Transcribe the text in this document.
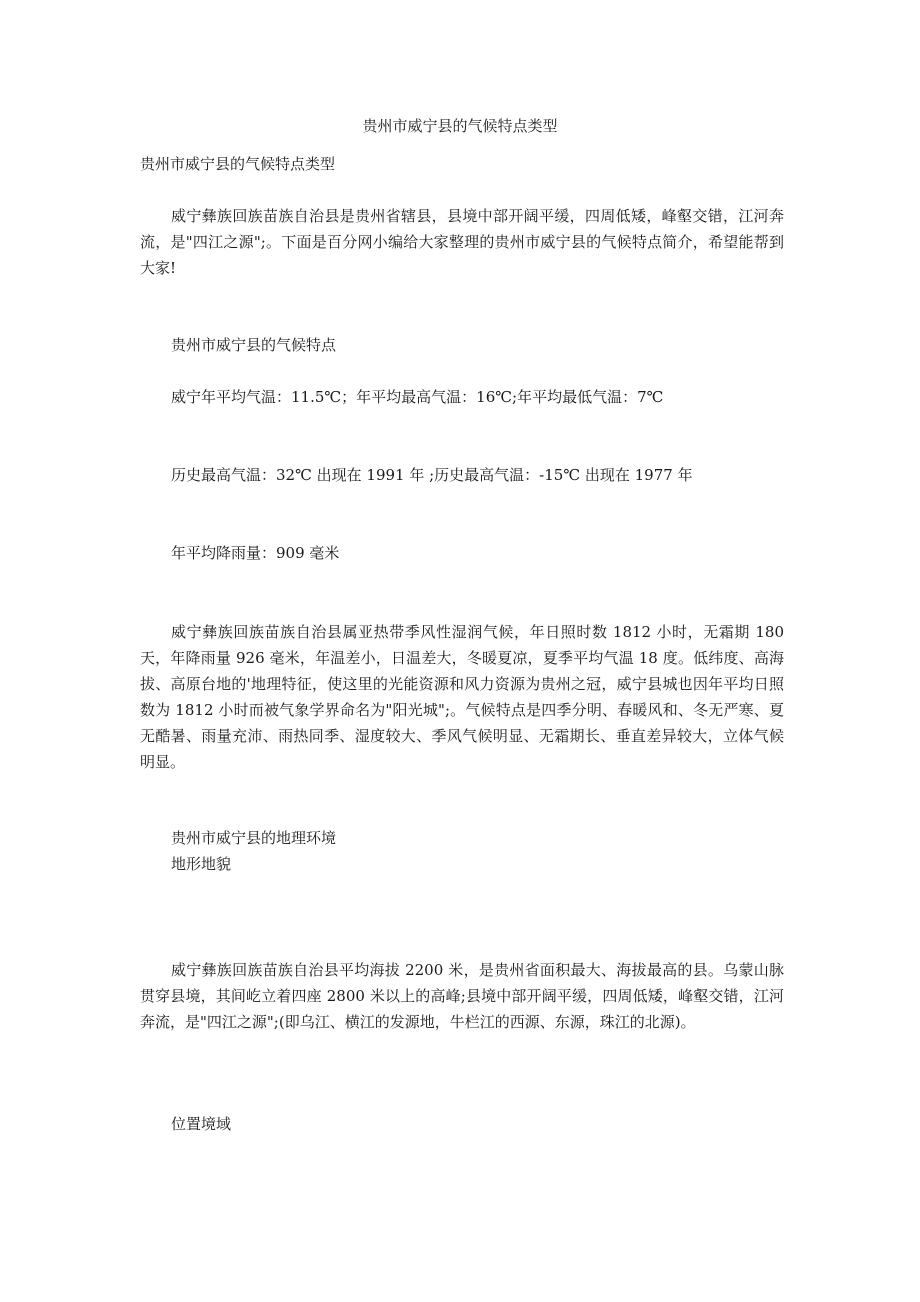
贵州市威宁县的气候特点类型

贵州市威宁县的气候特点类型

威宁彝族回族苗族自治县是贵州省辖县，县境中部开阔平缓，四周低矮，峰壑交错，江河奔流，是"四江之源";。下面是百分网小编给大家整理的贵州市威宁县的气候特点简介，希望能帮到大家!

贵州市威宁县的气候特点
威宁年平均气温：11.5℃；年平均最高气温：16℃;年平均最低气温：7℃
历史最高气温：32℃ 出现在 1991 年 ;历史最高气温：-15℃ 出现在 1977 年
年平均降雨量：909 毫米

威宁彝族回族苗族自治县属亚热带季风性湿润气候，年日照时数 1812 小时，无霜期 180 天，年降雨量 926 毫米，年温差小，日温差大，冬暖夏凉，夏季平均气温 18 度。低纬度、高海拔、高原台地的'地理特征，使这里的光能资源和风力资源为贵州之冠，威宁县城也因年平均日照数为 1812 小时而被气象学界命名为"阳光城";。气候特点是四季分明、春暖风和、冬无严寒、夏无酷暑、雨量充沛、雨热同季、湿度较大、季风气候明显、无霜期长、垂直差异较大，立体气候明显。

贵州市威宁县的地理环境
地形地貌

威宁彝族回族苗族自治县平均海拔 2200 米，是贵州省面积最大、海拔最高的县。乌蒙山脉贯穿县境，其间屹立着四座 2800 米以上的高峰;县境中部开阔平缓，四周低矮，峰壑交错，江河奔流，是"四江之源";(即乌江、横江的发源地，牛栏江的西源、东源，珠江的北源)。

位置境域
